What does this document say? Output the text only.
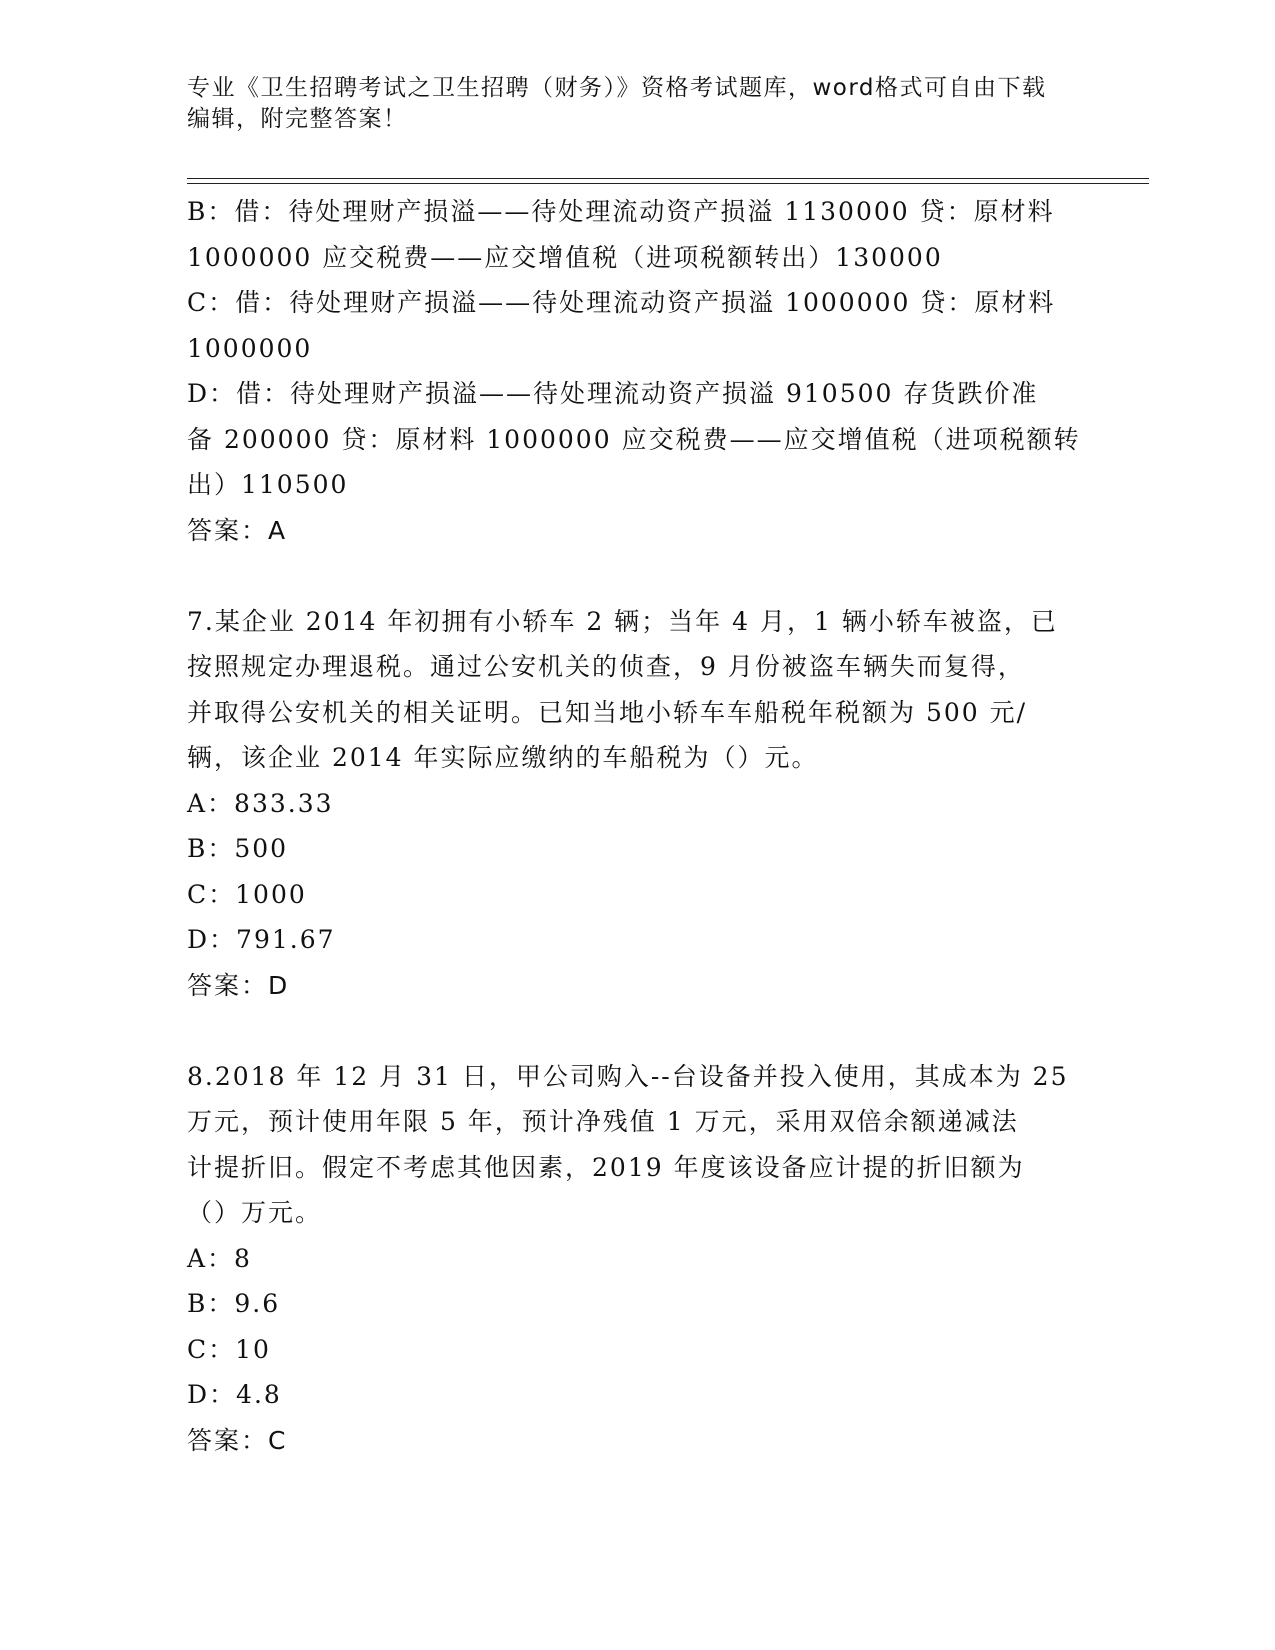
专业《卫生招聘考试之卫生招聘（财务）》资格考试题库，word格式可自由下载
编辑，附完整答案！

B：借：待处理财产损溢——待处理流动资产损溢 1130000 贷：原材料

1000000 应交税费——应交增值税（进项税额转出）130000

C：借：待处理财产损溢——待处理流动资产损溢 1000000 贷：原材料

1000000

D：借：待处理财产损溢——待处理流动资产损溢 910500 存货跌价准

备 200000 贷：原材料 1000000 应交税费——应交增值税（进项税额转

出）110500

答案：A

7.某企业 2014 年初拥有小轿车 2 辆；当年 4 月，1 辆小轿车被盗，已

按照规定办理退税。通过公安机关的侦查，9 月份被盗车辆失而复得，

并取得公安机关的相关证明。已知当地小轿车车船税年税额为 500 元/

辆，该企业 2014 年实际应缴纳的车船税为（）元。

A：833.33

B：500

C：1000

D：791.67

答案：D

8.2018 年 12 月 31 日，甲公司购入--台设备并投入使用，其成本为 25

万元，预计使用年限 5 年，预计净残值 1 万元，采用双倍余额递减法

计提折旧。假定不考虑其他因素，2019 年度该设备应计提的折旧额为

（）万元。

A：8

B：9.6

C：10

D：4.8

答案：C
